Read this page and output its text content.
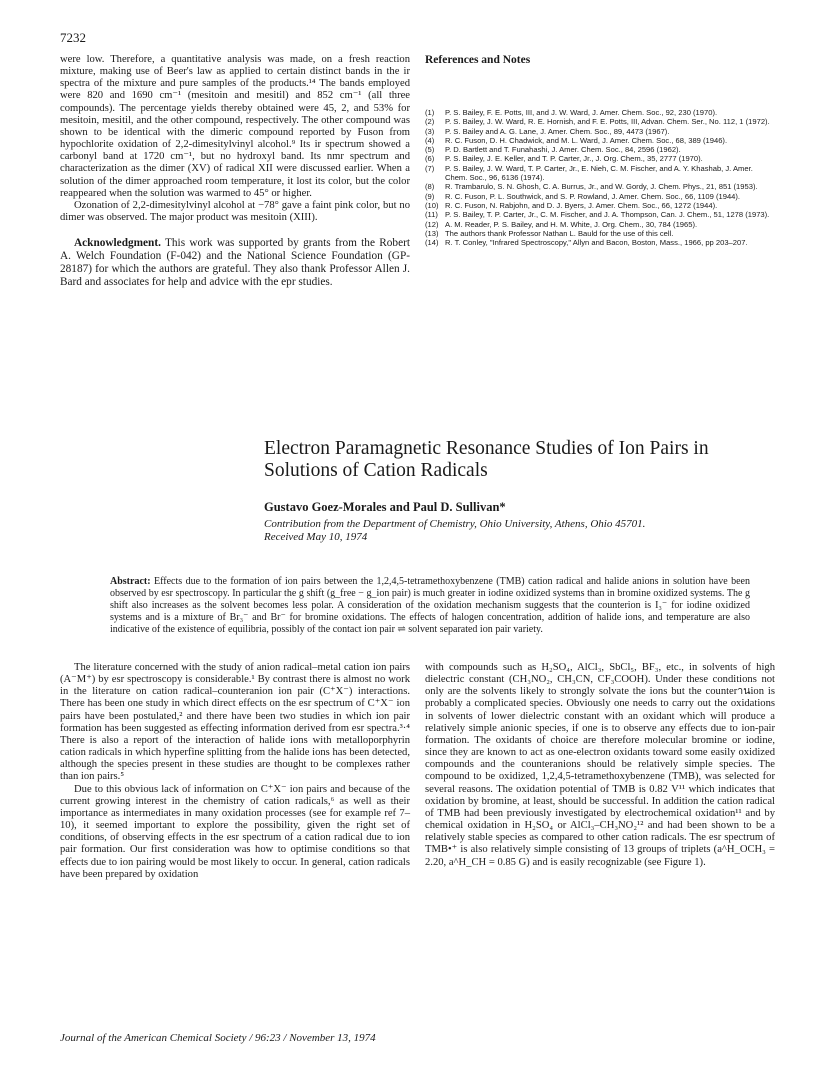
7232

were low. Therefore, a quantitative analysis was made, on a fresh reaction mixture, making use of Beer's law as applied to certain distinct bands in the ir spectra of the mixture and pure samples of the products.¹⁴ The bands employed were 820 and 1690 cm⁻¹ (mesitoin and mesitil) and 852 cm⁻¹ (all three compounds). The percentage yields thereby obtained were 45, 2, and 53% for mesitoin, mesitil, and the other compound, respectively. The other compound was shown to be identical with the dimeric compound reported by Fuson from hypochlorite oxidation of 2,2-dimesitylvinyl alcohol.⁹ Its ir spectrum showed a carbonyl band at 1720 cm⁻¹, but no hydroxyl band. Its nmr spectrum and characterization as the dimer (XV) of radical XII were discussed earlier. When a solution of the dimer approached room temperature, it lost its color, but the color reappeared when the solution was warmed to 45° or higher.

Ozonation of 2,2-dimesitylvinyl alcohol at −78° gave a faint pink color, but no dimer was observed. The major product was mesitoin (XIII).

Acknowledgment. This work was supported by grants from the Robert A. Welch Foundation (F-042) and the National Science Foundation (GP-28187) for which the authors are grateful. They also thank Professor Allen J. Bard and associates for help and advice with the epr studies.

References and Notes

(1) P. S. Bailey, F. E. Potts, III, and J. W. Ward, J. Amer. Chem. Soc., 92, 230 (1970).

(2) P. S. Bailey, J. W. Ward, R. E. Hornish, and F. E. Potts, III, Advan. Chem. Ser., No. 112, 1 (1972).

(3) P. S. Bailey and A. G. Lane, J. Amer. Chem. Soc., 89, 4473 (1967).

(4) R. C. Fuson, D. H. Chadwick, and M. L. Ward, J. Amer. Chem. Soc., 68, 389 (1946).

(5) P. D. Bartlett and T. Funahashi, J. Amer. Chem. Soc., 84, 2596 (1962).

(6) P. S. Bailey, J. E. Keller, and T. P. Carter, Jr., J. Org. Chem., 35, 2777 (1970).

(7) P. S. Bailey, J. W. Ward, T. P. Carter, Jr., E. Nieh, C. M. Fischer, and A. Y. Khashab, J. Amer. Chem. Soc., 96, 6136 (1974).

(8) R. Trambarulo, S. N. Ghosh, C. A. Burrus, Jr., and W. Gordy, J. Chem. Phys., 21, 851 (1953).

(9) R. C. Fuson, P. L. Southwick, and S. P. Rowland, J. Amer. Chem. Soc., 66, 1109 (1944).

(10) R. C. Fuson, N. Rabjohn, and D. J. Byers, J. Amer. Chem. Soc., 66, 1272 (1944).

(11) P. S. Bailey, T. P. Carter, Jr., C. M. Fischer, and J. A. Thompson, Can. J. Chem., 51, 1278 (1973).

(12) A. M. Reader, P. S. Bailey, and H. M. White, J. Org. Chem., 30, 784 (1965).

(13) The authors thank Professor Nathan L. Bauld for the use of this cell.

(14) R. T. Conley, "Infrared Spectroscopy," Allyn and Bacon, Boston, Mass., 1966, pp 203–207.

Electron Paramagnetic Resonance Studies of Ion Pairs in Solutions of Cation Radicals
Gustavo Goez-Morales and Paul D. Sullivan*
Contribution from the Department of Chemistry, Ohio University, Athens, Ohio 45701.
Received May 10, 1974
Abstract: Effects due to the formation of ion pairs between the 1,2,4,5-tetramethoxybenzene (TMB) cation radical and halide anions in solution have been observed by esr spectroscopy. In particular the g shift (g_free − g_ion pair) is much greater in iodine oxidized systems than in bromine oxidized systems. The g shift also increases as the solvent becomes less polar. A consideration of the oxidation mechanism suggests that the counterion is I₃⁻ for iodine oxidized systems and is a mixture of Br₃⁻ and Br⁻ for bromine oxidations. The effects of halogen concentration, addition of halide ions, and temperature are also indicative of the existence of equilibria, possibly of the contact ion pair ⇌ solvent separated ion pair variety.

The literature concerned with the study of anion radical–metal cation ion pairs (A⁻M⁺) by esr spectroscopy is considerable.¹ By contrast there is almost no work in the literature on cation radical–counteranion ion pair (C⁺X⁻) interactions. There has been one study in which direct effects on the esr spectrum of C⁺X⁻ ion pairs have been postulated,² and there have been two studies in which ion pair formation has been suggested as effecting information derived from esr spectra.³·⁴ There is also a report of the interaction of halide ions with metalloporphyrin cation radicals in which hyperfine splitting from the halide ions has been detected, although the species present in these studies are thought to be complexes rather than ion pairs.⁵

Due to this obvious lack of information on C⁺X⁻ ion pairs and because of the current growing interest in the chemistry of cation radicals,⁶ as well as their importance as intermediates in many oxidation processes (see for example ref 7–10), it seemed important to explore the possibility, given the right set of conditions, of observing effects in the esr spectrum of a cation radical due to ion pair formation. Our first consideration was how to optimise conditions so that effects due to ion pairing would be most likely to occur. In general, cation radicals have been prepared by oxidation

with compounds such as H₂SO₄, AlCl₃, SbCl₅, BF₃, etc., in solvents of high dielectric constant (CH₃NO₂, CH₃CN, CF₃COOH). Under these conditions not only are the solvents likely to strongly solvate the ions but the counterานion is probably a complicated species. Obviously one needs to carry out the oxidations in solvents of lower dielectric constant with an oxidant which will produce a relatively simple anionic species, if one is to observe any effects due to ion-pair formation. The oxidants of choice are therefore molecular bromine or iodine, since they are known to act as one-electron oxidants toward some easily oxidized compounds and the counteranions should be relatively simple species. The compound to be oxidized, 1,2,4,5-tetramethoxybenzene (TMB), was selected for several reasons. The oxidation potential of TMB is 0.82 V¹¹ which indicates that oxidation by bromine, at least, should be successful. In addition the cation radical of TMB had been previously investigated by electrochemical oxidation¹¹ and by chemical oxidation in H₂SO₄ or AlCl₃–CH₃NO₂¹² and had been shown to be a relatively stable species as compared to other cation radicals. The esr spectrum of TMB•⁺ is also relatively simple consisting of 13 groups of triplets (a^H_OCH₃ = 2.20, a^H_CH = 0.85 G) and is easily recognizable (see Figure 1).

Journal of the American Chemical Society / 96:23 / November 13, 1974
